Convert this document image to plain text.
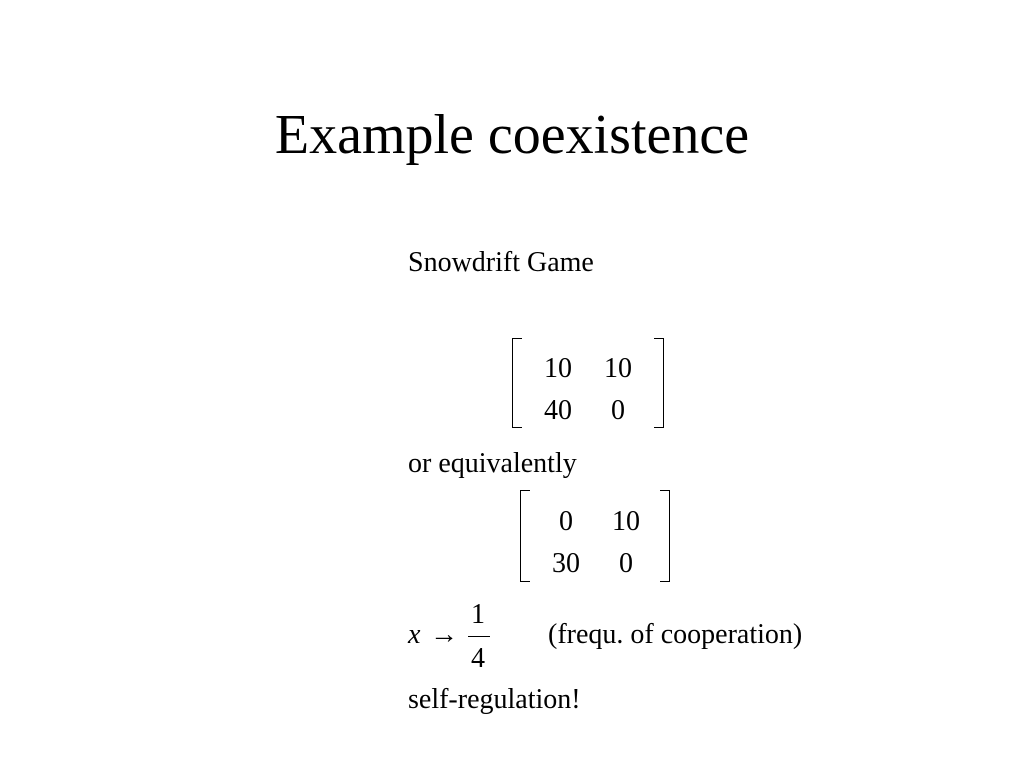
Example coexistence
Snowdrift Game
10	10
40	0
or equivalently
0	10
30	0
x →
1
4
(frequ. of cooperation)
self-regulation!
